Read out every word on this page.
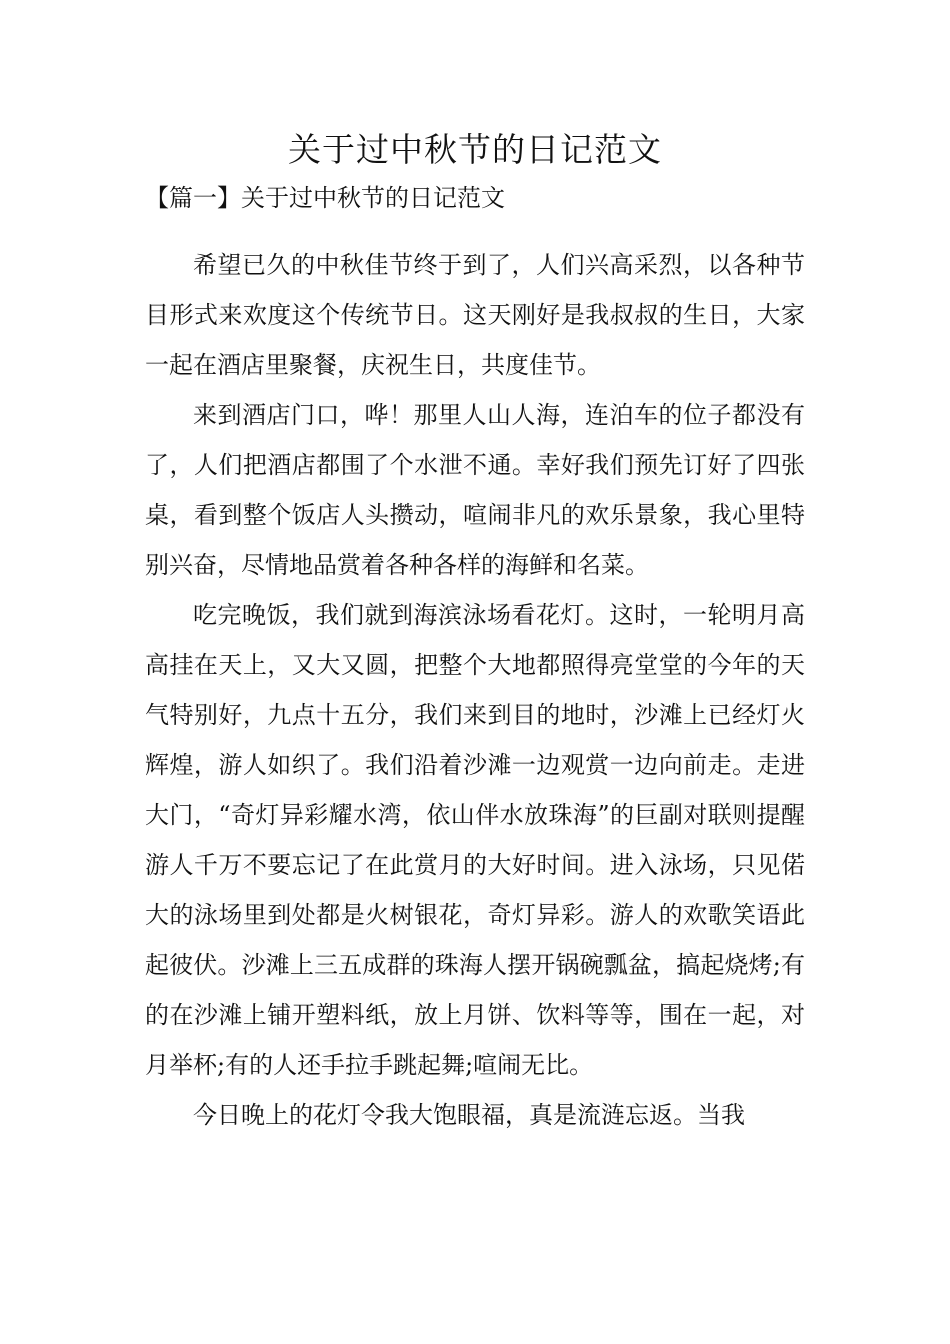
关于过中秋节的日记范文
【篇一】关于过中秋节的日记范文

希望已久的中秋佳节终于到了，人们兴高采烈，以各种节目形式来欢度这个传统节日。这天刚好是我叔叔的生日，大家一起在酒店里聚餐，庆祝生日，共度佳节。

来到酒店门口，哗！那里人山人海，连泊车的位子都没有了，人们把酒店都围了个水泄不通。幸好我们预先订好了四张桌，看到整个饭店人头攒动，喧闹非凡的欢乐景象，我心里特别兴奋，尽情地品赏着各种各样的海鲜和名菜。

吃完晚饭，我们就到海滨泳场看花灯。这时，一轮明月高高挂在天上，又大又圆，把整个大地都照得亮堂堂的今年的天气特别好，九点十五分，我们来到目的地时，沙滩上已经灯火辉煌，游人如织了。我们沿着沙滩一边观赏一边向前走。走进大门，“奇灯异彩耀水湾，依山伴水放珠海”的巨副对联则提醒游人千万不要忘记了在此赏月的大好时间。进入泳场，只见偌大的泳场里到处都是火树银花，奇灯异彩。游人的欢歌笑语此起彼伏。沙滩上三五成群的珠海人摆开锅碗瓢盆，搞起烧烤;有的在沙滩上铺开塑料纸，放上月饼、饮料等等，围在一起，对月举杯;有的人还手拉手跳起舞;喧闹无比。

今日晚上的花灯令我大饱眼福，真是流涟忘返。当我
